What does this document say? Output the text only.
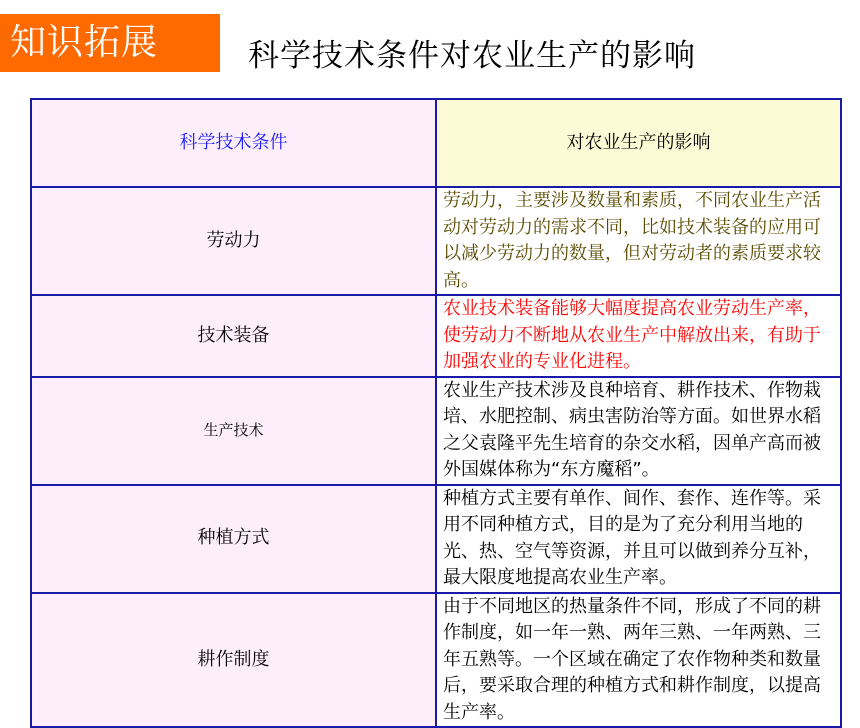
知识拓展	科学技术条件对农业生产的影响
科学技术条件	对农业生产的影响
劳动力	劳动力，主要涉及数量和素质，不同农业生产活动对劳动力的需求不同，比如技术装备的应用可以减少劳动力的数量，但对劳动者的素质要求较高。
技术装备	农业技术装备能够大幅度提高农业劳动生产率，使劳动力不断地从农业生产中解放出来，有助于加强农业的专业化进程。
生产技术	农业生产技术涉及良种培育、耕作技术、作物栽培、水肥控制、病虫害防治等方面。如世界水稻之父袁隆平先生培育的杂交水稻，因单产高而被外国媒体称为“东方魔稻”。
种植方式	种植方式主要有单作、间作、套作、连作等。采用不同种植方式，目的是为了充分利用当地的光、热、空气等资源，并且可以做到养分互补，最大限度地提高农业生产率。
耕作制度	由于不同地区的热量条件不同，形成了不同的耕作制度，如一年一熟、两年三熟、一年两熟、三年五熟等。一个区域在确定了农作物种类和数量后，要采取合理的种植方式和耕作制度，以提高生产率。
